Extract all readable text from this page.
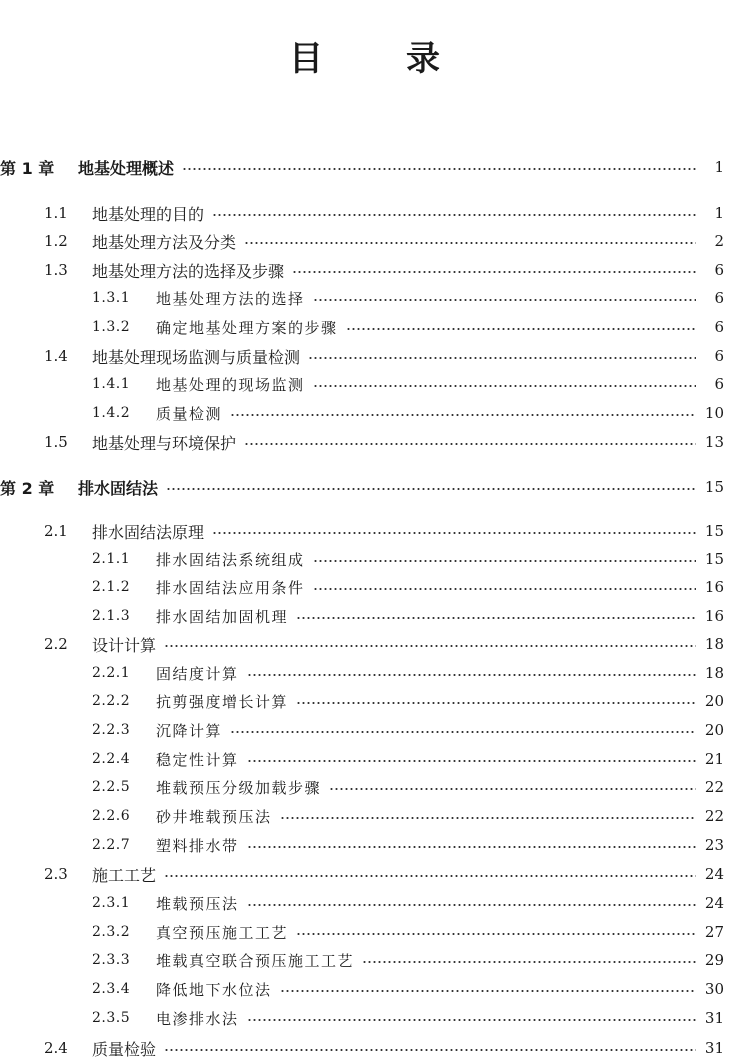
目 录
第 1 章	地基处理概述	1
1.1	地基处理的目的	1
1.2	地基处理方法及分类	2
1.3	地基处理方法的选择及步骤	6
1.3.1	地基处理方法的选择	6
1.3.2	确定地基处理方案的步骤	6
1.4	地基处理现场监测与质量检测	6
1.4.1	地基处理的现场监测	6
1.4.2	质量检测	10
1.5	地基处理与环境保护	13
第 2 章	排水固结法	15
2.1	排水固结法原理	15
2.1.1	排水固结法系统组成	15
2.1.2	排水固结法应用条件	16
2.1.3	排水固结加固机理	16
2.2	设计计算	18
2.2.1	固结度计算	18
2.2.2	抗剪强度增长计算	20
2.2.3	沉降计算	20
2.2.4	稳定性计算	21
2.2.5	堆载预压分级加载步骤	22
2.2.6	砂井堆载预压法	22
2.2.7	塑料排水带	23
2.3	施工工艺	24
2.3.1	堆载预压法	24
2.3.2	真空预压施工工艺	27
2.3.3	堆载真空联合预压施工工艺	29
2.3.4	降低地下水位法	30
2.3.5	电渗排水法	31
2.4	质量检验	31
